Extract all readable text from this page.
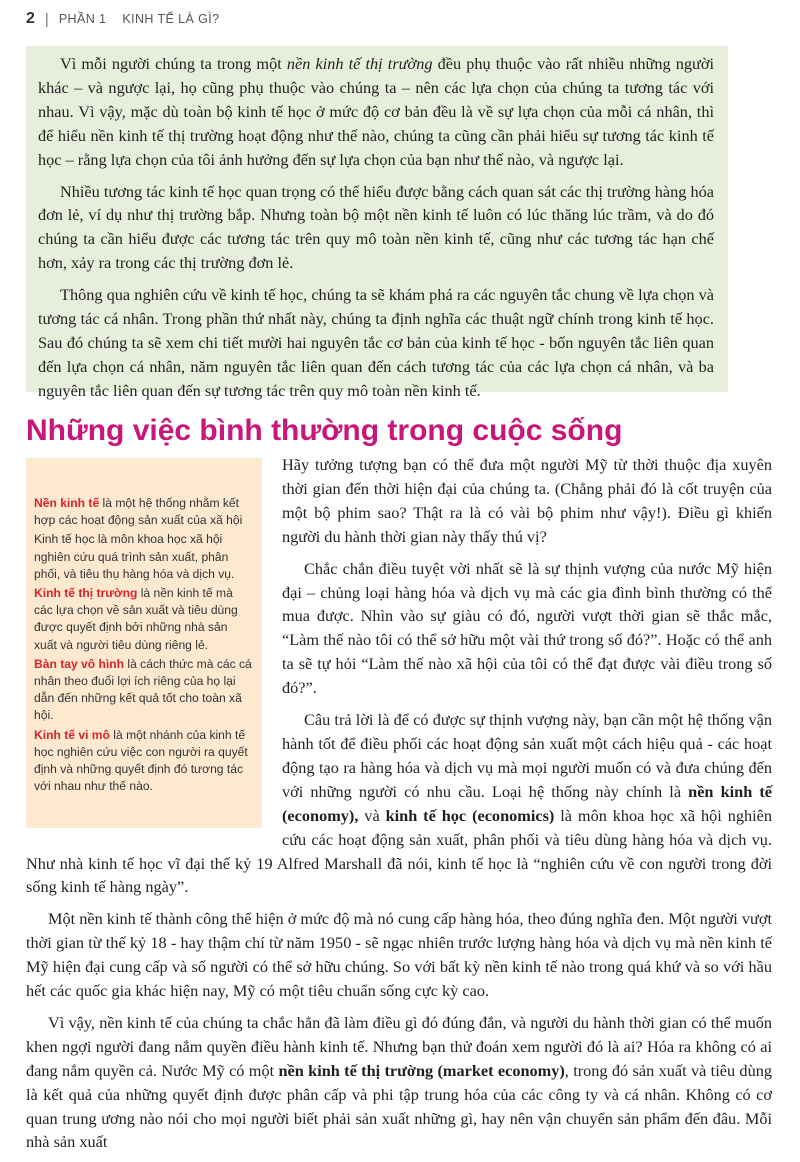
2 | PHẦN 1 KINH TẾ LÀ GÌ?

Vì mỗi người chúng ta trong một nền kinh tế thị trường đều phụ thuộc vào rất nhiều những người khác – và ngược lại, họ cũng phụ thuộc vào chúng ta – nên các lựa chọn của chúng ta tương tác với nhau. Vì vậy, mặc dù toàn bộ kinh tế học ở mức độ cơ bản đều là về sự lựa chọn của mỗi cá nhân, thì để hiểu nền kinh tế thị trường hoạt động như thế nào, chúng ta cũng cần phải hiểu sự tương tác kinh tế học – rằng lựa chọn của tôi ảnh hưởng đến sự lựa chọn của bạn như thế nào, và ngược lại.

Nhiều tương tác kinh tế học quan trọng có thể hiểu được bằng cách quan sát các thị trường hàng hóa đơn lẻ, ví dụ như thị trường bắp. Nhưng toàn bộ một nền kinh tế luôn có lúc thăng lúc trầm, và do đó chúng ta cần hiểu được các tương tác trên quy mô toàn nền kinh tế, cũng như các tương tác hạn chế hơn, xảy ra trong các thị trường đơn lẻ.

Thông qua nghiên cứu về kinh tế học, chúng ta sẽ khám phá ra các nguyên tắc chung về lựa chọn và tương tác cá nhân. Trong phần thứ nhất này, chúng ta định nghĩa các thuật ngữ chính trong kinh tế học. Sau đó chúng ta sẽ xem chi tiết mười hai nguyên tắc cơ bản của kinh tế học - bốn nguyên tắc liên quan đến lựa chọn cá nhân, năm nguyên tắc liên quan đến cách tương tác của các lựa chọn cá nhân, và ba nguyên tắc liên quan đến sự tương tác trên quy mô toàn nền kinh tế.

Những việc bình thường trong cuộc sống

Nền kinh tế là một hệ thống nhằm kết hợp các hoạt động sản xuất của xã hội

Kinh tế học là môn khoa học xã hội nghiên cứu quá trình sản xuất, phân phối, và tiêu thụ hàng hóa và dịch vụ.

Kinh tế thị trường là nền kinh tế mà các lựa chọn về sản xuất và tiêu dùng được quyết định bởi những nhà sản xuất và người tiêu dùng riêng lẻ.

Bàn tay vô hình là cách thức mà các cá nhân theo đuổi lợi ích riêng của họ lại dẫn đến những kết quả tốt cho toàn xã hội.

Kinh tế vi mô là một nhánh của kinh tế học nghiên cứu việc con người ra quyết định và những quyết định đó tương tác với nhau như thế nào.

Hãy tưởng tượng bạn có thể đưa một người Mỹ từ thời thuộc địa xuyên thời gian đến thời hiện đại của chúng ta. (Chẳng phải đó là cốt truyện của một bộ phim sao? Thật ra là có vài bộ phim như vậy!). Điều gì khiến người du hành thời gian này thấy thú vị?

Chắc chắn điều tuyệt vời nhất sẽ là sự thịnh vượng của nước Mỹ hiện đại – chủng loại hàng hóa và dịch vụ mà các gia đình bình thường có thể mua được. Nhìn vào sự giàu có đó, người vượt thời gian sẽ thắc mắc, “Làm thế nào tôi có thể sở hữu một vài thứ trong số đó?”. Hoặc có thể anh ta sẽ tự hỏi “Làm thế nào xã hội của tôi có thể đạt được vài điều trong số đó?”.

Câu trả lời là để có được sự thịnh vượng này, bạn cần một hệ thống vận hành tốt để điều phối các hoạt động sản xuất một cách hiệu quả - các hoạt động tạo ra hàng hóa và dịch vụ mà mọi người muốn có và đưa chúng đến với những người có nhu cầu. Loại hệ thống này chính là nền kinh tế (economy), và kinh tế học (economics) là môn khoa học xã hội nghiên cứu các hoạt động sản xuất, phân phối và tiêu dùng hàng hóa và dịch vụ. Như nhà kinh tế học vĩ đại thế kỷ 19 Alfred Marshall đã nói, kinh tế học là “nghiên cứu về con người trong đời sống kinh tế hàng ngày”.

Một nền kinh tế thành công thể hiện ở mức độ mà nó cung cấp hàng hóa, theo đúng nghĩa đen. Một người vượt thời gian từ thế kỷ 18 - hay thậm chí từ năm 1950 - sẽ ngạc nhiên trước lượng hàng hóa và dịch vụ mà nền kinh tế Mỹ hiện đại cung cấp và số người có thể sở hữu chúng. So với bất kỳ nền kinh tế nào trong quá khứ và so với hầu hết các quốc gia khác hiện nay, Mỹ có một tiêu chuẩn sống cực kỳ cao.

Vì vậy, nền kinh tế của chúng ta chắc hẳn đã làm điều gì đó đúng đắn, và người du hành thời gian có thể muốn khen ngợi người đang nắm quyền điều hành kinh tế. Nhưng bạn thử đoán xem người đó là ai? Hóa ra không có ai đang nắm quyền cả. Nước Mỹ có một nền kinh tế thị trường (market economy), trong đó sản xuất và tiêu dùng là kết quả của những quyết định được phân cấp và phi tập trung hóa của các công ty và cá nhân. Không có cơ quan trung ương nào nói cho mọi người biết phải sản xuất những gì, hay nên vận chuyển sản phẩm đến đâu. Mỗi nhà sản xuất
